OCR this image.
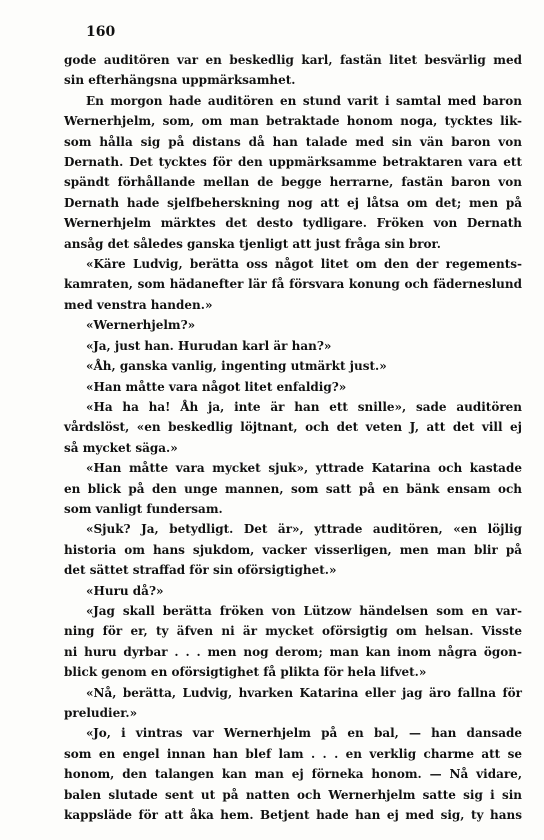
160
gode auditören var en beskedlig karl, fastän litet besvärlig med
sin efterhängsna uppmärksamhet.
En morgon hade auditören en stund varit i samtal med baron
Wernerhjelm, som, om man betraktade honom noga, tycktes lik-
som hålla sig på distans då han talade med sin vän baron von
Dernath. Det tycktes för den uppmärksamme betraktaren vara ett
spändt förhållande mellan de begge herrarne, fastän baron von
Dernath hade sjelfbeherskning nog att ej låtsa om det; men på
Wernerhjelm märktes det desto tydligare. Fröken von Dernath
ansåg det således ganska tjenligt att just fråga sin bror.
«Käre Ludvig, berätta oss något litet om den der regements-
kamraten, som hädanefter lär få försvara konung och fäderneslund
med venstra handen.»
«Wernerhjelm?»
«Ja, just han. Hurudan karl är han?»
«Åh, ganska vanlig, ingenting utmärkt just.»
«Han måtte vara något litet enfaldig?»
«Ha ha ha! Åh ja, inte är han ett snille», sade auditören
vårdslöst, «en beskedlig löjtnant, och det veten J, att det vill ej
så mycket säga.»
«Han måtte vara mycket sjuk», yttrade Katarina och kastade
en blick på den unge mannen, som satt på en bänk ensam och
som vanligt fundersam.
«Sjuk? Ja, betydligt. Det är», yttrade auditören, «en löjlig
historia om hans sjukdom, vacker visserligen, men man blir på
det sättet straffad för sin oförsigtighet.»
«Huru då?»
«Jag skall berätta fröken von Lützow händelsen som en var-
ning för er, ty äfven ni är mycket oförsigtig om helsan. Visste
ni huru dyrbar . . . men nog derom; man kan inom några ögon-
blick genom en oförsigtighet få plikta för hela lifvet.»
«Nå, berätta, Ludvig, hvarken Katarina eller jag äro fallna för
preludier.»
«Jo, i vintras var Wernerhjelm på en bal, — han dansade
som en engel innan han blef lam . . . en verklig charme att se
honom, den talangen kan man ej förneka honom. — Nå vidare,
balen slutade sent ut på natten och Wernerhjelm satte sig i sin
kappsläde för att åka hem. Betjent hade han ej med sig, ty hans
